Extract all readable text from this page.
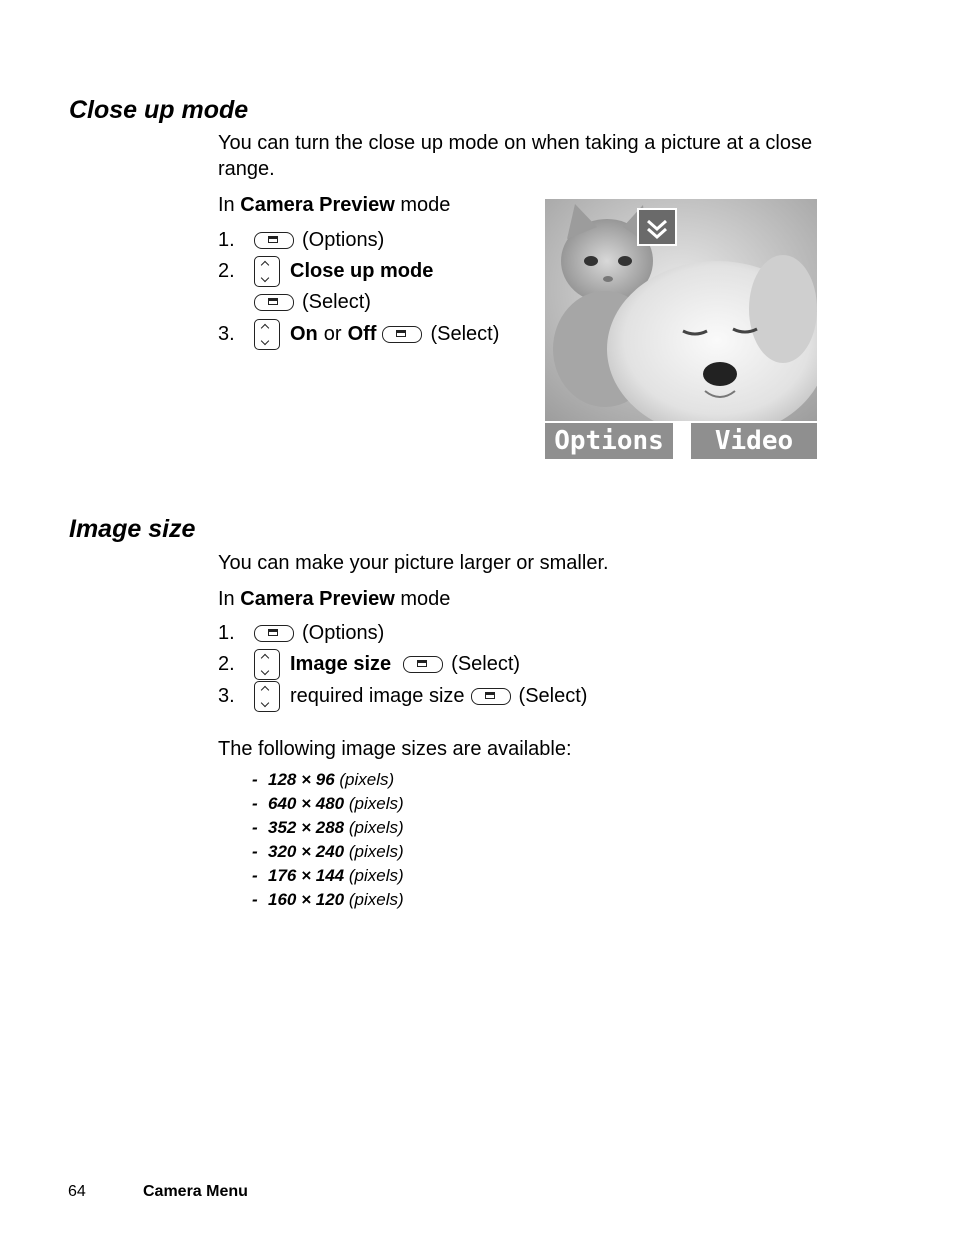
Close up mode
You can turn the close up mode on when taking a picture at a close range.
In Camera Preview mode
1.	(Options)
2.	Close up mode
(Select)
3.	On or Off	(Select)
Options	Video
Image size
You can make your picture larger or smaller.
In Camera Preview mode
1.	(Options)
2.	Image size	(Select)
3.	required image size	(Select)
The following image sizes are available:
- 128 × 96 (pixels)
- 640 × 480 (pixels)
- 352 × 288 (pixels)
- 320 × 240 (pixels)
- 176 × 144 (pixels)
- 160 × 120 (pixels)
64	Camera Menu
